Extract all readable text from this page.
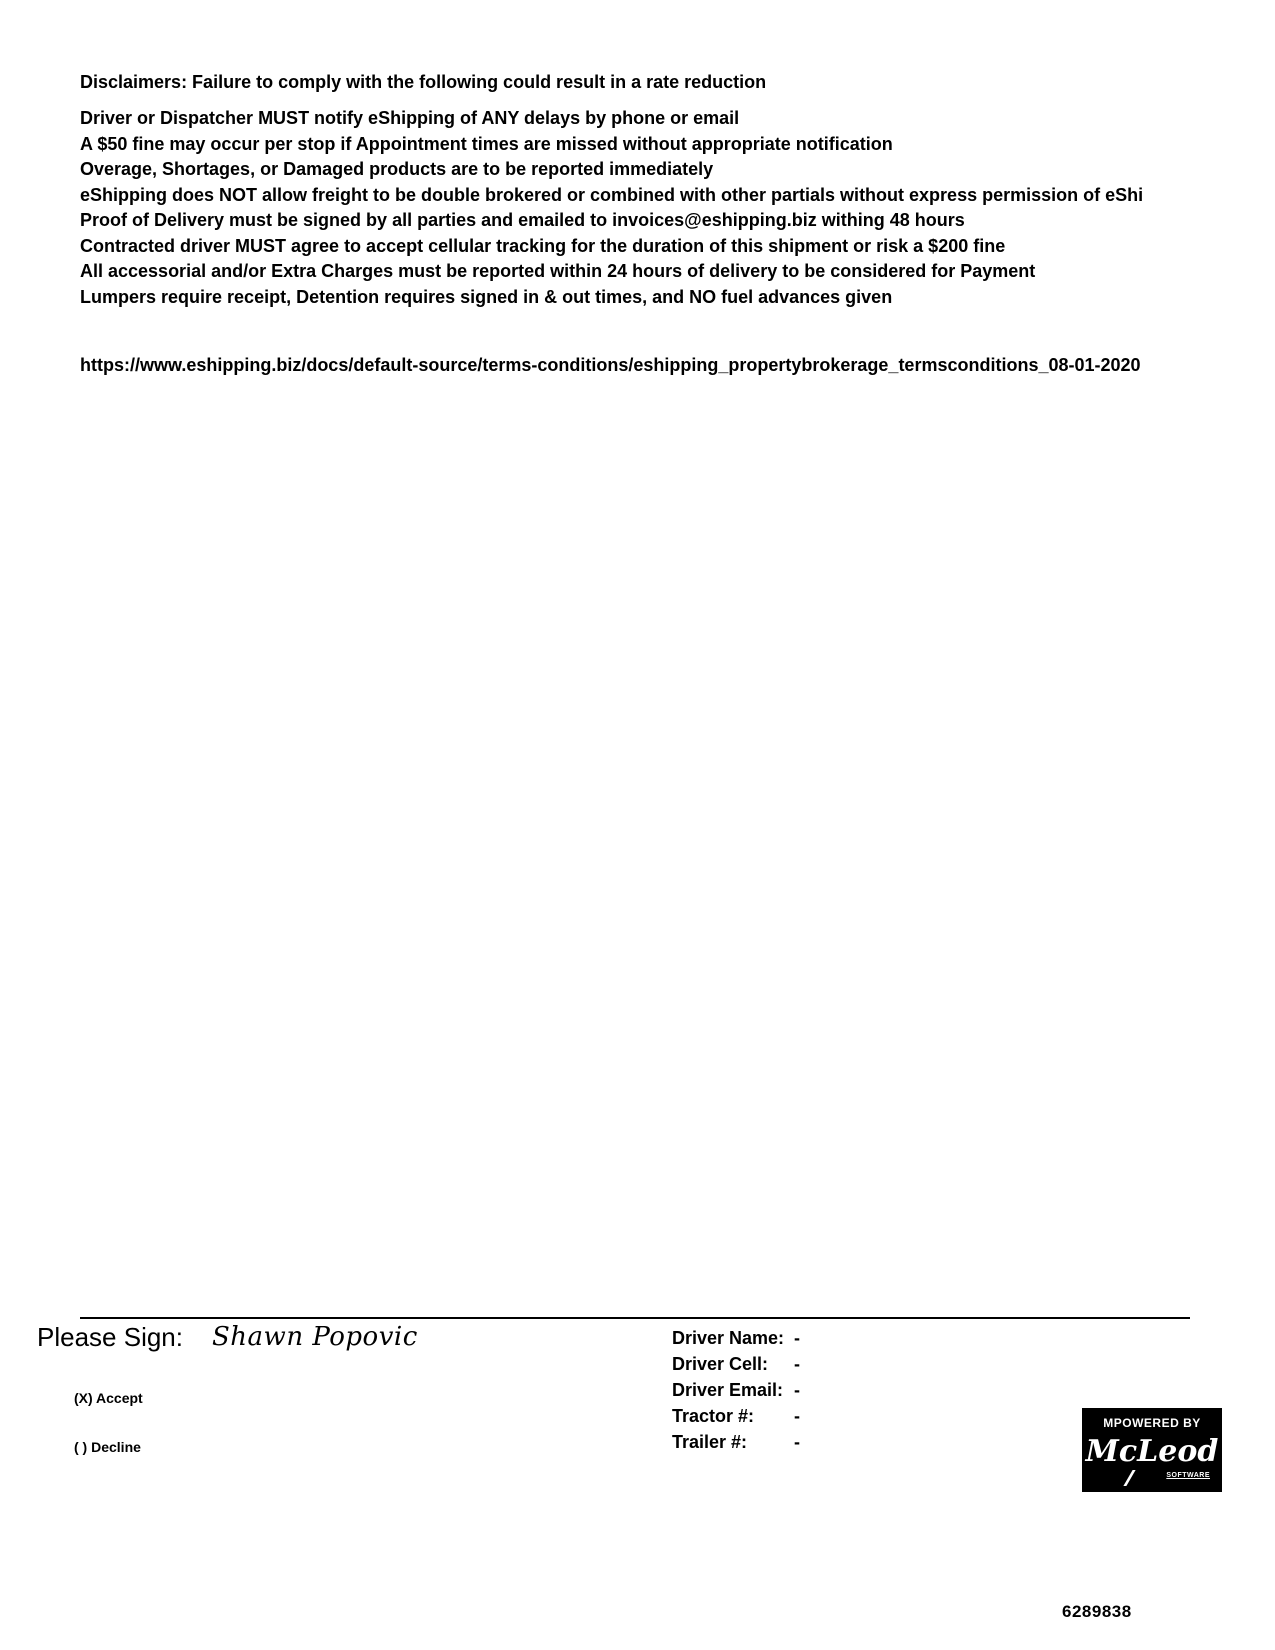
Disclaimers: Failure to comply with the following could result in a rate reduction
Driver or Dispatcher MUST notify eShipping of ANY delays by phone or email
A $50 fine may occur per stop if Appointment times are missed without appropriate notification
Overage, Shortages, or Damaged products are to be reported immediately
eShipping does NOT allow freight to be double brokered or combined with other partials without express permission of eShi
Proof of Delivery must be signed by all parties and emailed to invoices@eshipping.biz withing 48 hours
Contracted driver MUST agree to accept cellular tracking for the duration of this shipment or risk a $200 fine
All accessorial and/or Extra Charges must be reported within 24 hours of delivery to be considered for Payment
Lumpers require receipt, Detention requires signed in & out times, and NO fuel advances given
https://www.eshipping.biz/docs/default-source/terms-conditions/eshipping_propertybrokerage_termsconditions_08-01-2020
Please Sign: Shawn Popovic
(X) Accept
( ) Decline
Driver Name: -
Driver Cell: -
Driver Email: -
Tractor #: -
Trailer #:	-
MPOWERED BY
McLeod
SOFTWARE
6289838
